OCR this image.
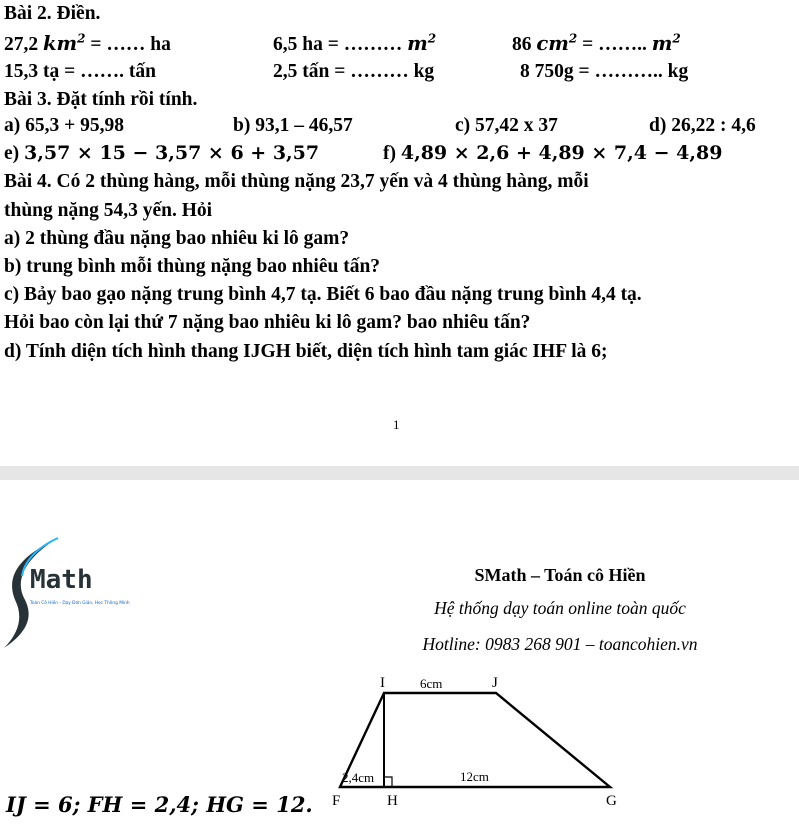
Bài 2. Điền.
27,2 $km^2$ = …… ha	6,5 ha = ……… $m^2$	86 $cm^2$ = …….. $m^2$
15,3 tạ = ……. tấn	2,5 tấn = ……… kg	8 750g = ……….. kg
Bài 3. Đặt tính rồi tính.
a) 65,3 + 95,98	b) 93,1 – 46,57	c) 57,42 x 37	d) 26,22 : 4,6
e) 3,57 × 15 − 3,57 × 6 + 3,57	f) 4,89 × 2,6 + 4,89 × 7,4 − 4,89
Bài 4. Có 2 thùng hàng, mỗi thùng nặng 23,7 yến và 4 thùng hàng, mỗi
thùng nặng 54,3 yến. Hỏi
a) 2 thùng đầu nặng bao nhiêu ki lô gam?
b) trung bình mỗi thùng nặng bao nhiêu tấn?
c) Bảy bao gạo nặng trung bình 4,7 tạ. Biết 6 bao đầu nặng trung bình 4,4 tạ.
Hỏi bao còn lại thứ 7 nặng bao nhiêu ki lô gam? bao nhiêu tấn?
d) Tính diện tích hình thang IJGH biết, diện tích hình tam giác IHF là 6;
1
Math
Toán Cô Hiền - Dạy Đơn Giản, Học Thông Minh
SMath – Toán cô Hiền
Hệ thống dạy toán online toàn quốc
Hotline: 0983 268 901 – toancohien.vn
IJ = 6; FH = 2,4; HG = 12.
I	J
F	H	G
6cm
2,4cm	12cm
